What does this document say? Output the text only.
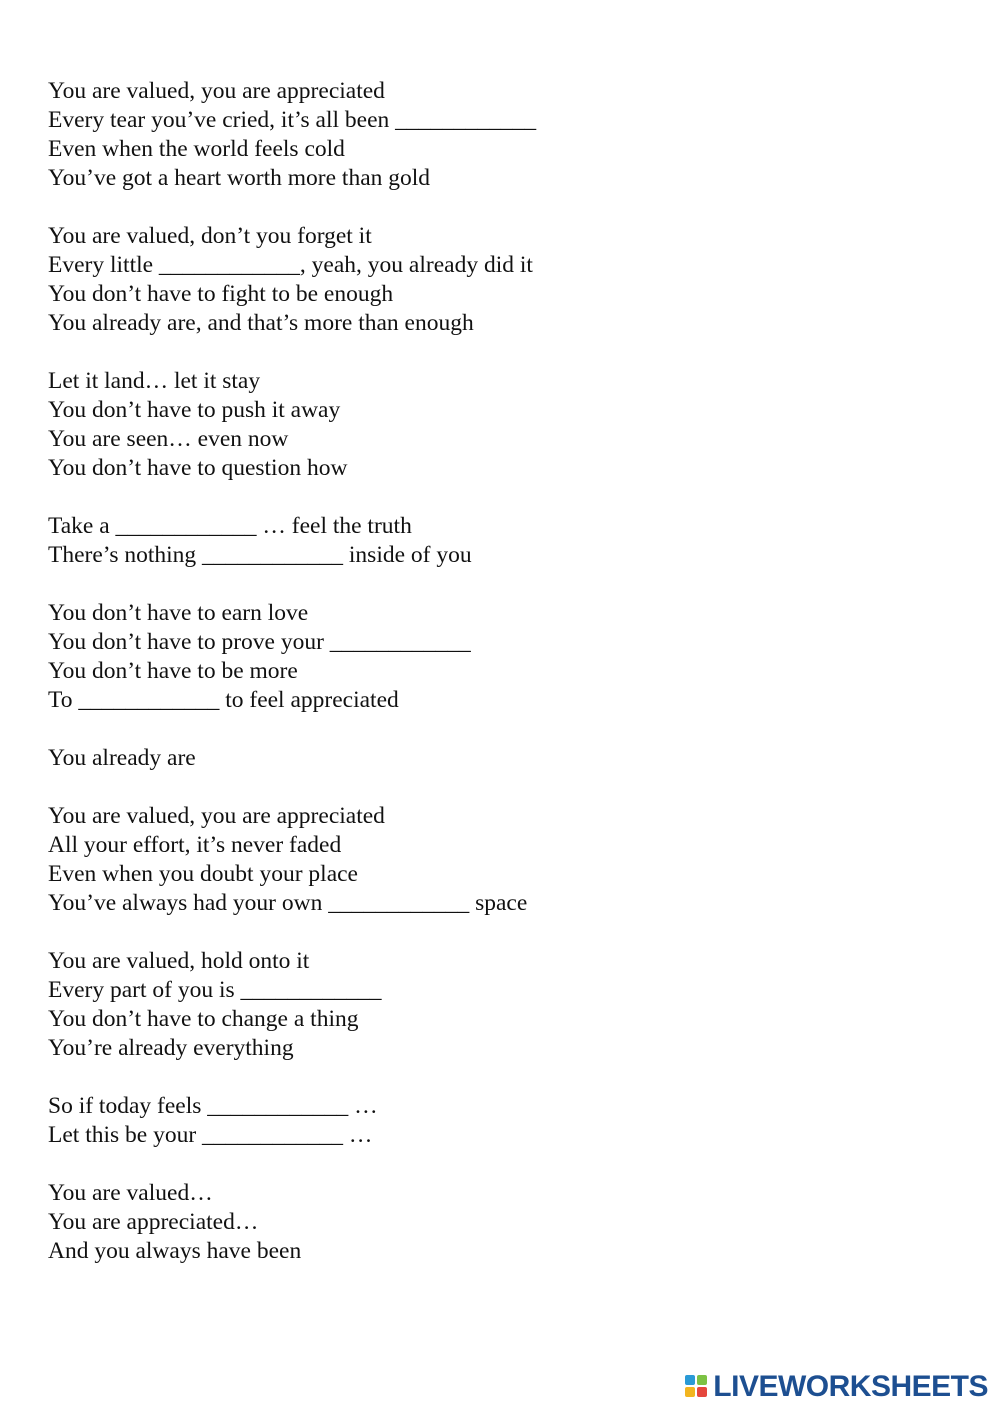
You are valued, you are appreciated
Every tear you’ve cried, it’s all been ____________
Even when the world feels cold
You’ve got a heart worth more than gold
You are valued, don’t you forget it
Every little ____________, yeah, you already did it
You don’t have to fight to be enough
You already are, and that’s more than enough
Let it land… let it stay
You don’t have to push it away
You are seen… even now
You don’t have to question how
Take a ____________ … feel the truth
There’s nothing ____________ inside of you
You don’t have to earn love
You don’t have to prove your ____________
You don’t have to be more
To ____________ to feel appreciated
You already are
You are valued, you are appreciated
All your effort, it’s never faded
Even when you doubt your place
You’ve always had your own ____________ space
You are valued, hold onto it
Every part of you is ____________
You don’t have to change a thing
You’re already everything
So if today feels ____________ …
Let this be your ____________ …
You are valued…
You are appreciated…
And you always have been
LIVEWORKSHEETS
